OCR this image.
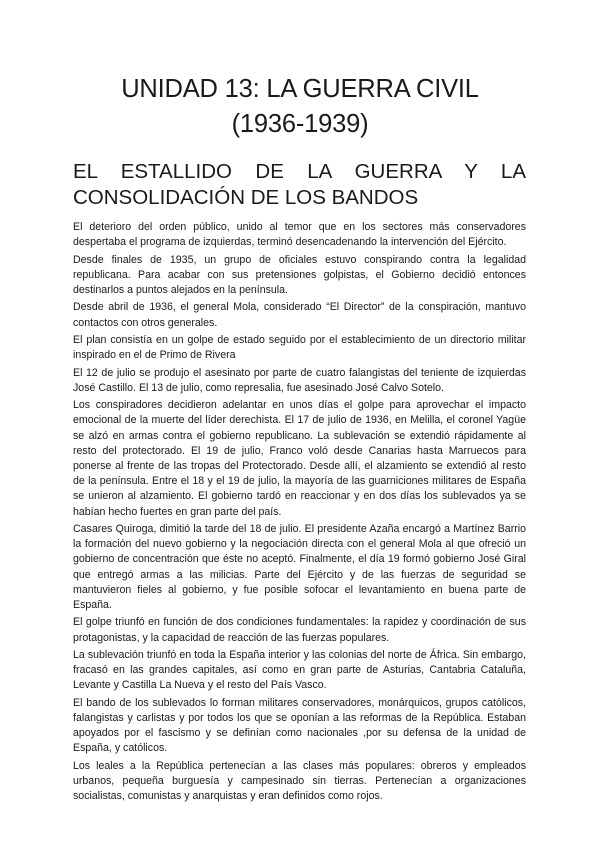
UNIDAD 13: LA GUERRA CIVIL
(1936-1939)
EL ESTALLIDO DE LA GUERRA Y LA
CONSOLIDACIÓN DE LOS BANDOS

El deterioro del orden público, unido al temor que en los sectores más conservadores despertaba el programa de izquierdas, terminó desencadenando la intervención del Ejército.

Desde finales de 1935, un grupo de oficiales estuvo conspirando contra la legalidad republicana. Para acabar con sus pretensiones golpistas, el Gobierno decidió entonces destinarlos a puntos alejados en la península.

Desde abril de 1936, el general Mola, considerado “El Director” de la conspiración, mantuvo contactos con otros generales.

El plan consistía en un golpe de estado seguido por el establecimiento de un directorio militar inspirado en el de Primo de Rivera

El 12 de julio se produjo el asesinato por parte de cuatro falangistas del teniente de izquierdas José Castillo. El 13 de julio, como represalia, fue asesinado José Calvo Sotelo.

Los conspiradores decidieron adelantar en unos días el golpe para aprovechar el impacto emocional de la muerte del líder derechista. El 17 de julio de 1936, en Melilla, el coronel Yagüe se alzó en armas contra el gobierno republicano. La sublevación se extendió rápidamente al resto del protectorado. El 19 de julio, Franco voló desde Canarias hasta Marruecos para ponerse al frente de las tropas del Protectorado. Desde allí, el alzamiento se extendió al resto de la península. Entre el 18 y el 19 de julio, la mayoría de las guarniciones militares de España se unieron al alzamiento. El gobierno tardó en reaccionar y en dos días los sublevados ya se habían hecho fuertes en gran parte del país.

Casares Quiroga, dimitió la tarde del 18 de julio. El presidente Azaña encargó a Martínez Barrio la formación del nuevo gobierno y la negociación directa con el general Mola al que ofreció un gobierno de concentración que éste no aceptó. Finalmente, el día 19 formó gobierno José Giral que entregó armas a las milicias. Parte del Ejército y de las fuerzas de seguridad se mantuvieron fieles al gobierno, y fue posible sofocar el levantamiento en buena parte de España.

El golpe triunfó en función de dos condiciones fundamentales: la rapidez y coordinación de sus protagonistas, y la capacidad de reacción de las fuerzas populares.

La sublevación triunfó en toda la España interior y las colonias del norte de África. Sin embargo, fracasó en las grandes capitales, así como en gran parte de Asturias, Cantabria Cataluña, Levante y Castilla La Nueva y el resto del País Vasco.

El bando de los sublevados lo forman militares conservadores, monárquicos, grupos católicos, falangistas y carlistas y por todos los que se oponían a las reformas de la República. Estaban apoyados por el fascismo y se definían como nacionales ,por su defensa de la unidad de España, y católicos.

Los leales a la República pertenecían a las clases más populares: obreros y empleados urbanos, pequeña burguesía y campesinado sin tierras. Pertenecían a organizaciones socialistas, comunistas y anarquistas y eran definidos como rojos.
